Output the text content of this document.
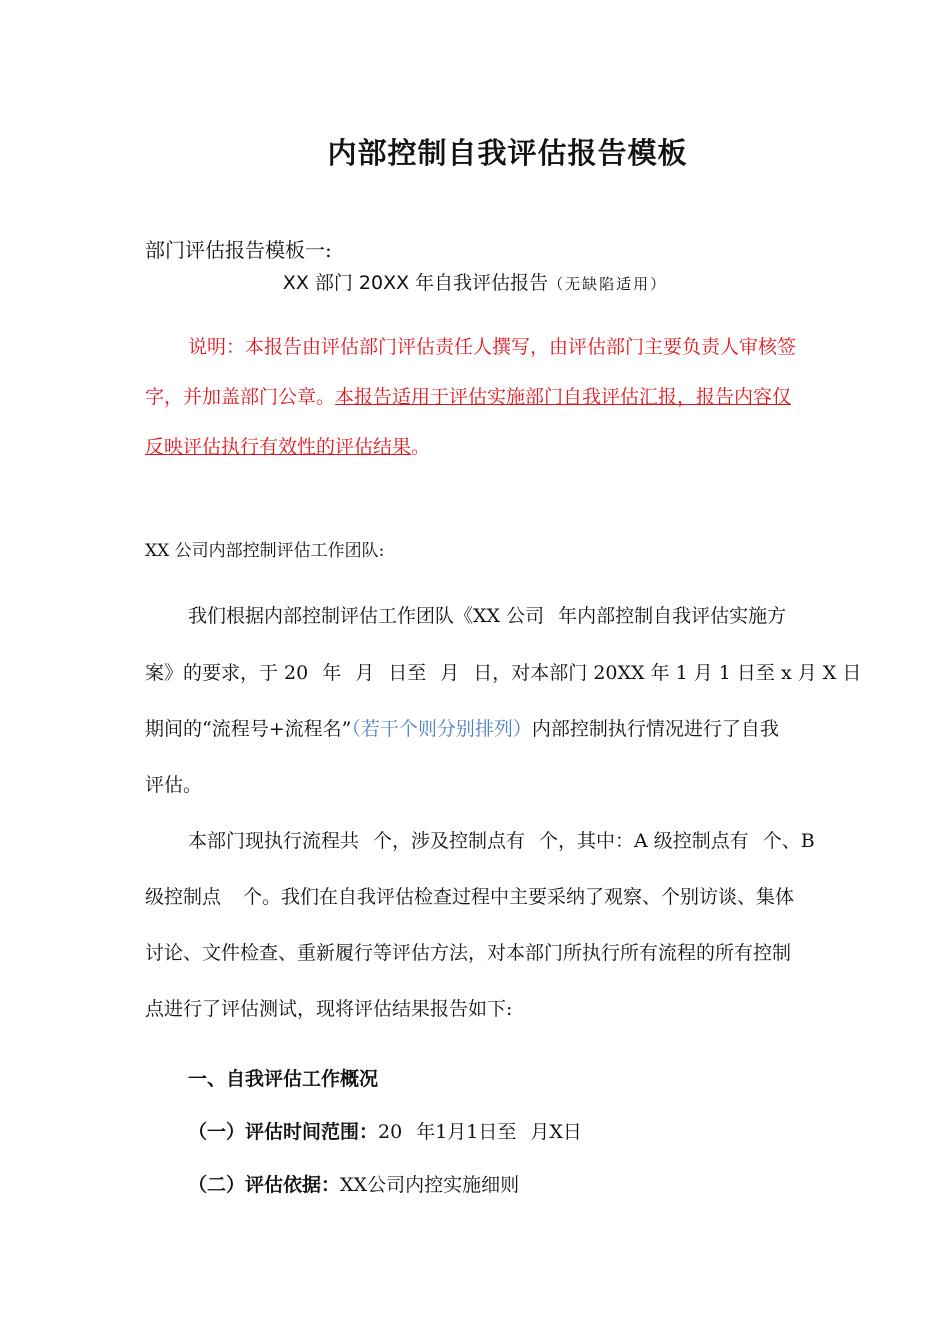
内部控制自我评估报告模板
部门评估报告模板一:
XX 部门 20XX 年自我评估报告（无缺陷适用）
说明：本报告由评估部门评估责任人撰写，由评估部门主要负责人审核签
字，并加盖部门公章。本报告适用于评估实施部门自我评估汇报，报告内容仅
反映评估执行有效性的评估结果。
XX 公司内部控制评估工作团队:
我们根据内部控制评估工作团队《XX 公司 年内部控制自我评估实施方
案》的要求，于 20 年 月 日至 月 日，对本部门 20XX 年 1 月 1 日至 x 月 X 日
期间的“流程号+流程名”（若干个则分别排列）内部控制执行情况进行了自我
评估。
本部门现执行流程共 个，涉及控制点有 个，其中：A 级控制点有 个、B
级控制点 个。我们在自我评估检查过程中主要采纳了观察、个别访谈、集体
讨论、文件检查、重新履行等评估方法，对本部门所执行所有流程的所有控制
点进行了评估测试，现将评估结果报告如下:
一、自我评估工作概况
（一）评估时间范围：20 年1月1日至 月X日
（二）评估依据：XX公司内控实施细则
